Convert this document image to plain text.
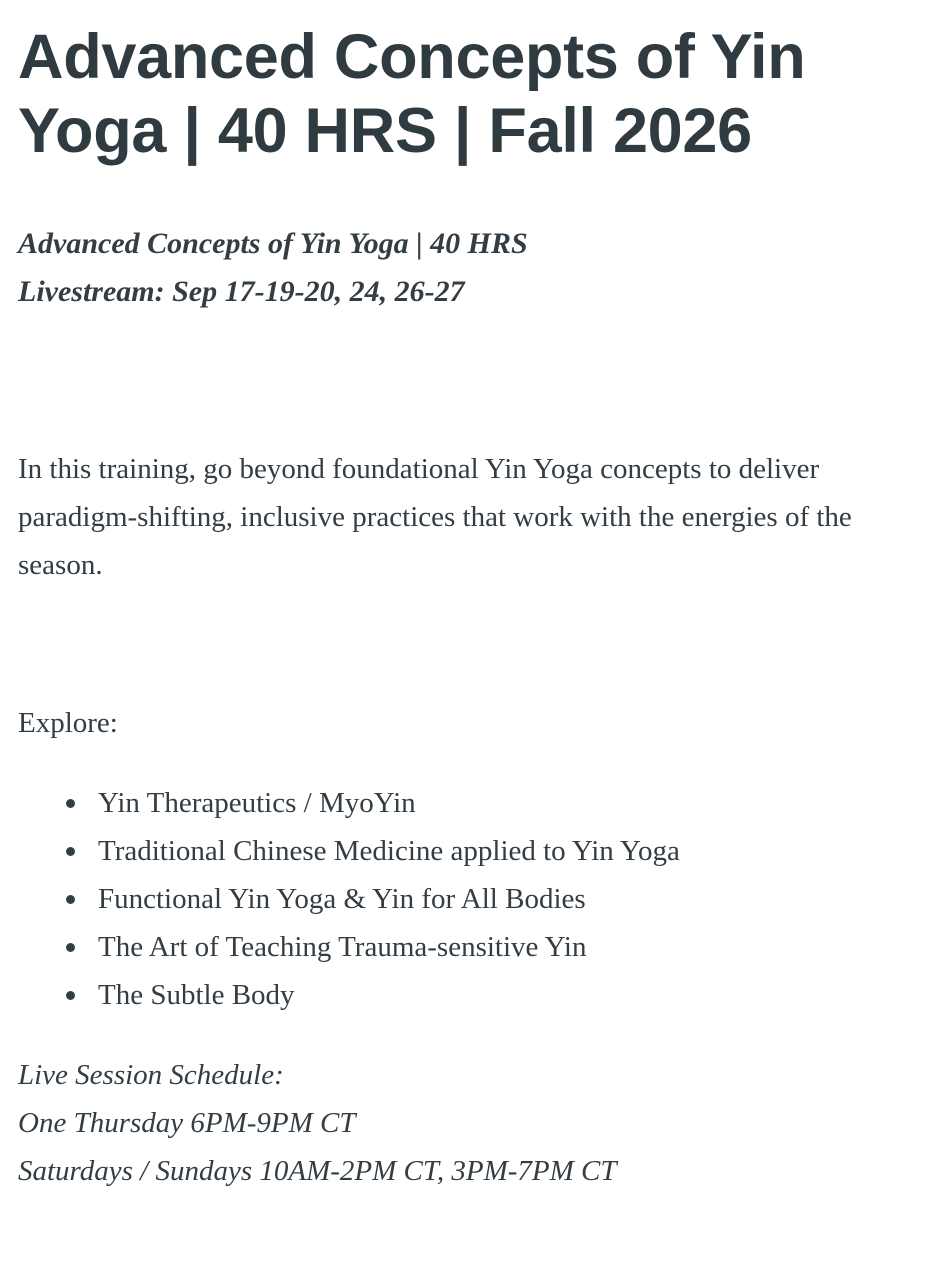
Advanced Concepts of Yin Yoga | 40 HRS | Fall 2026

Advanced Concepts of Yin Yoga | 40 HRS
Livestream: Sep 17-19-20, 24, 26-27

In this training, go beyond foundational Yin Yoga concepts to deliver paradigm-shifting, inclusive practices that work with the energies of the season.

Explore:

Yin Therapeutics / MyoYin
Traditional Chinese Medicine applied to Yin Yoga
Functional Yin Yoga & Yin for All Bodies
The Art of Teaching Trauma-sensitive Yin
The Subtle Body

Live Session Schedule:
One Thursday 6PM-9PM CT
Saturdays / Sundays 10AM-2PM CT, 3PM-7PM CT
